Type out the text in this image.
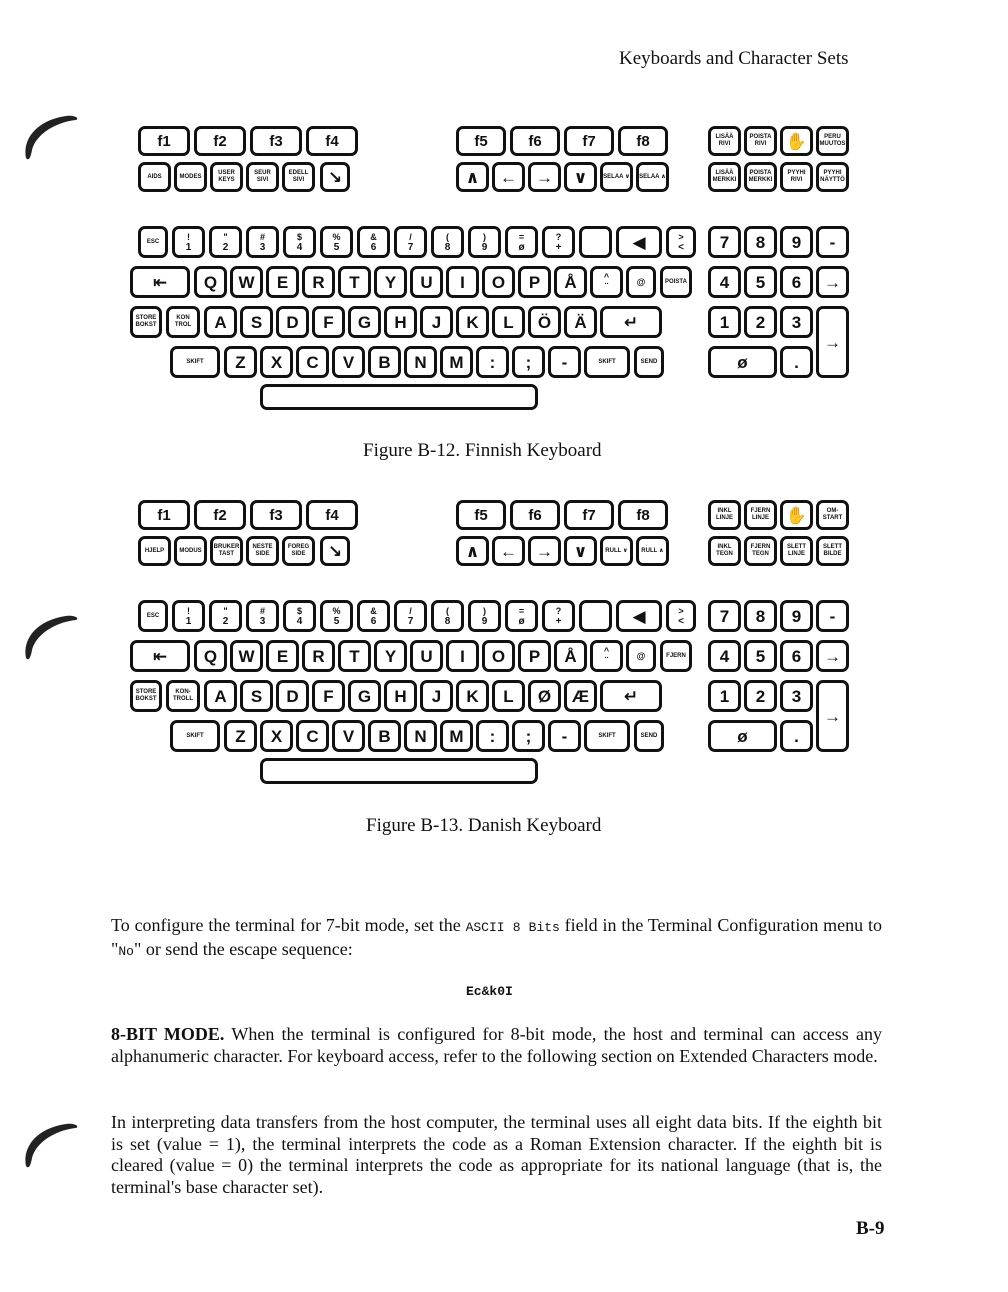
Keyboards and Character Sets
f1	f2	f3	f4	f5	f6	f7	f8
AIDS	MODES
USER KEYS
SEUR SIVI
EDELL SIVI	↘	∧	←	→	∨	SELAA ∨	SELAA ∧
LISÄÄ RIVI
POISTA RIVI	✋	PERU MUUTOS
LISÄÄ MERKKI
POISTA MERKKI
PYYHI RIVI
PYYHI NÄYTTÖ
ESC	!
1
"
2
#
3
$
4
%
5
&
6
/
7
(
8
)
9
=
ø
?
+	◀	>
<
⇤	Q	W	E	R	T	Y	U	I	O	P	Å	^
¨	@	POISTA
STORE BOKST
KON TROL	A	S	D	F	G	H	J	K	L	Ö	Ä	↵
SKIFT	Z	X	C	V	B	N	M	:	;	-	SKIFT	SEND
7	8	9	-
4	5	6	→
1	2	3
→
ø	.
Figure B-12. Finnish Keyboard
f1	f2	f3	f4	f5	f6	f7	f8
HJELP	MODUS
BRUKER TAST
NESTE SIDE
FOREG SIDE	↘	∧	←	→	∨	RULL ∨	RULL ∧
INKL LINJE
FJERN LINJE ✋	OM-START
INKL TEGN
FJERN TEGN
SLETT LINJE
SLETT BILDE
ESC	!
1
"
2
#
3
$
4
%
5
&
6
/
7
(
8
)
9
=
ø
?
+	◀	>
<
⇤	Q	W	E	R	T	Y	U	I	O	P	Å	^
¨	@	FJERN
STORE BOKST
KON-TROLL	A	S	D	F	G	H	J	K	L	Ø	Æ	↵
SKIFT	Z	X	C	V	B	N	M	:	;	-	SKIFT	SEND
7	8	9	-
4	5	6	→
1	2	3
→
ø	.
Figure B-13. Danish Keyboard
To configure the terminal for 7-bit mode, set the ASCII 8 Bits field in the Terminal Configuration menu to "No" or send the escape sequence:
Ec&k0I
8-BIT MODE. When the terminal is configured for 8-bit mode, the host and terminal can access any alphanumeric character. For keyboard access, refer to the following section on Extended Characters mode.
In interpreting data transfers from the host computer, the terminal uses all eight data bits. If the eighth bit is set (value = 1), the terminal interprets the code as a Roman Extension character. If the eighth bit is cleared (value = 0) the terminal interprets the code as appropriate for its national language (that is, the terminal's base character set).
B-9
